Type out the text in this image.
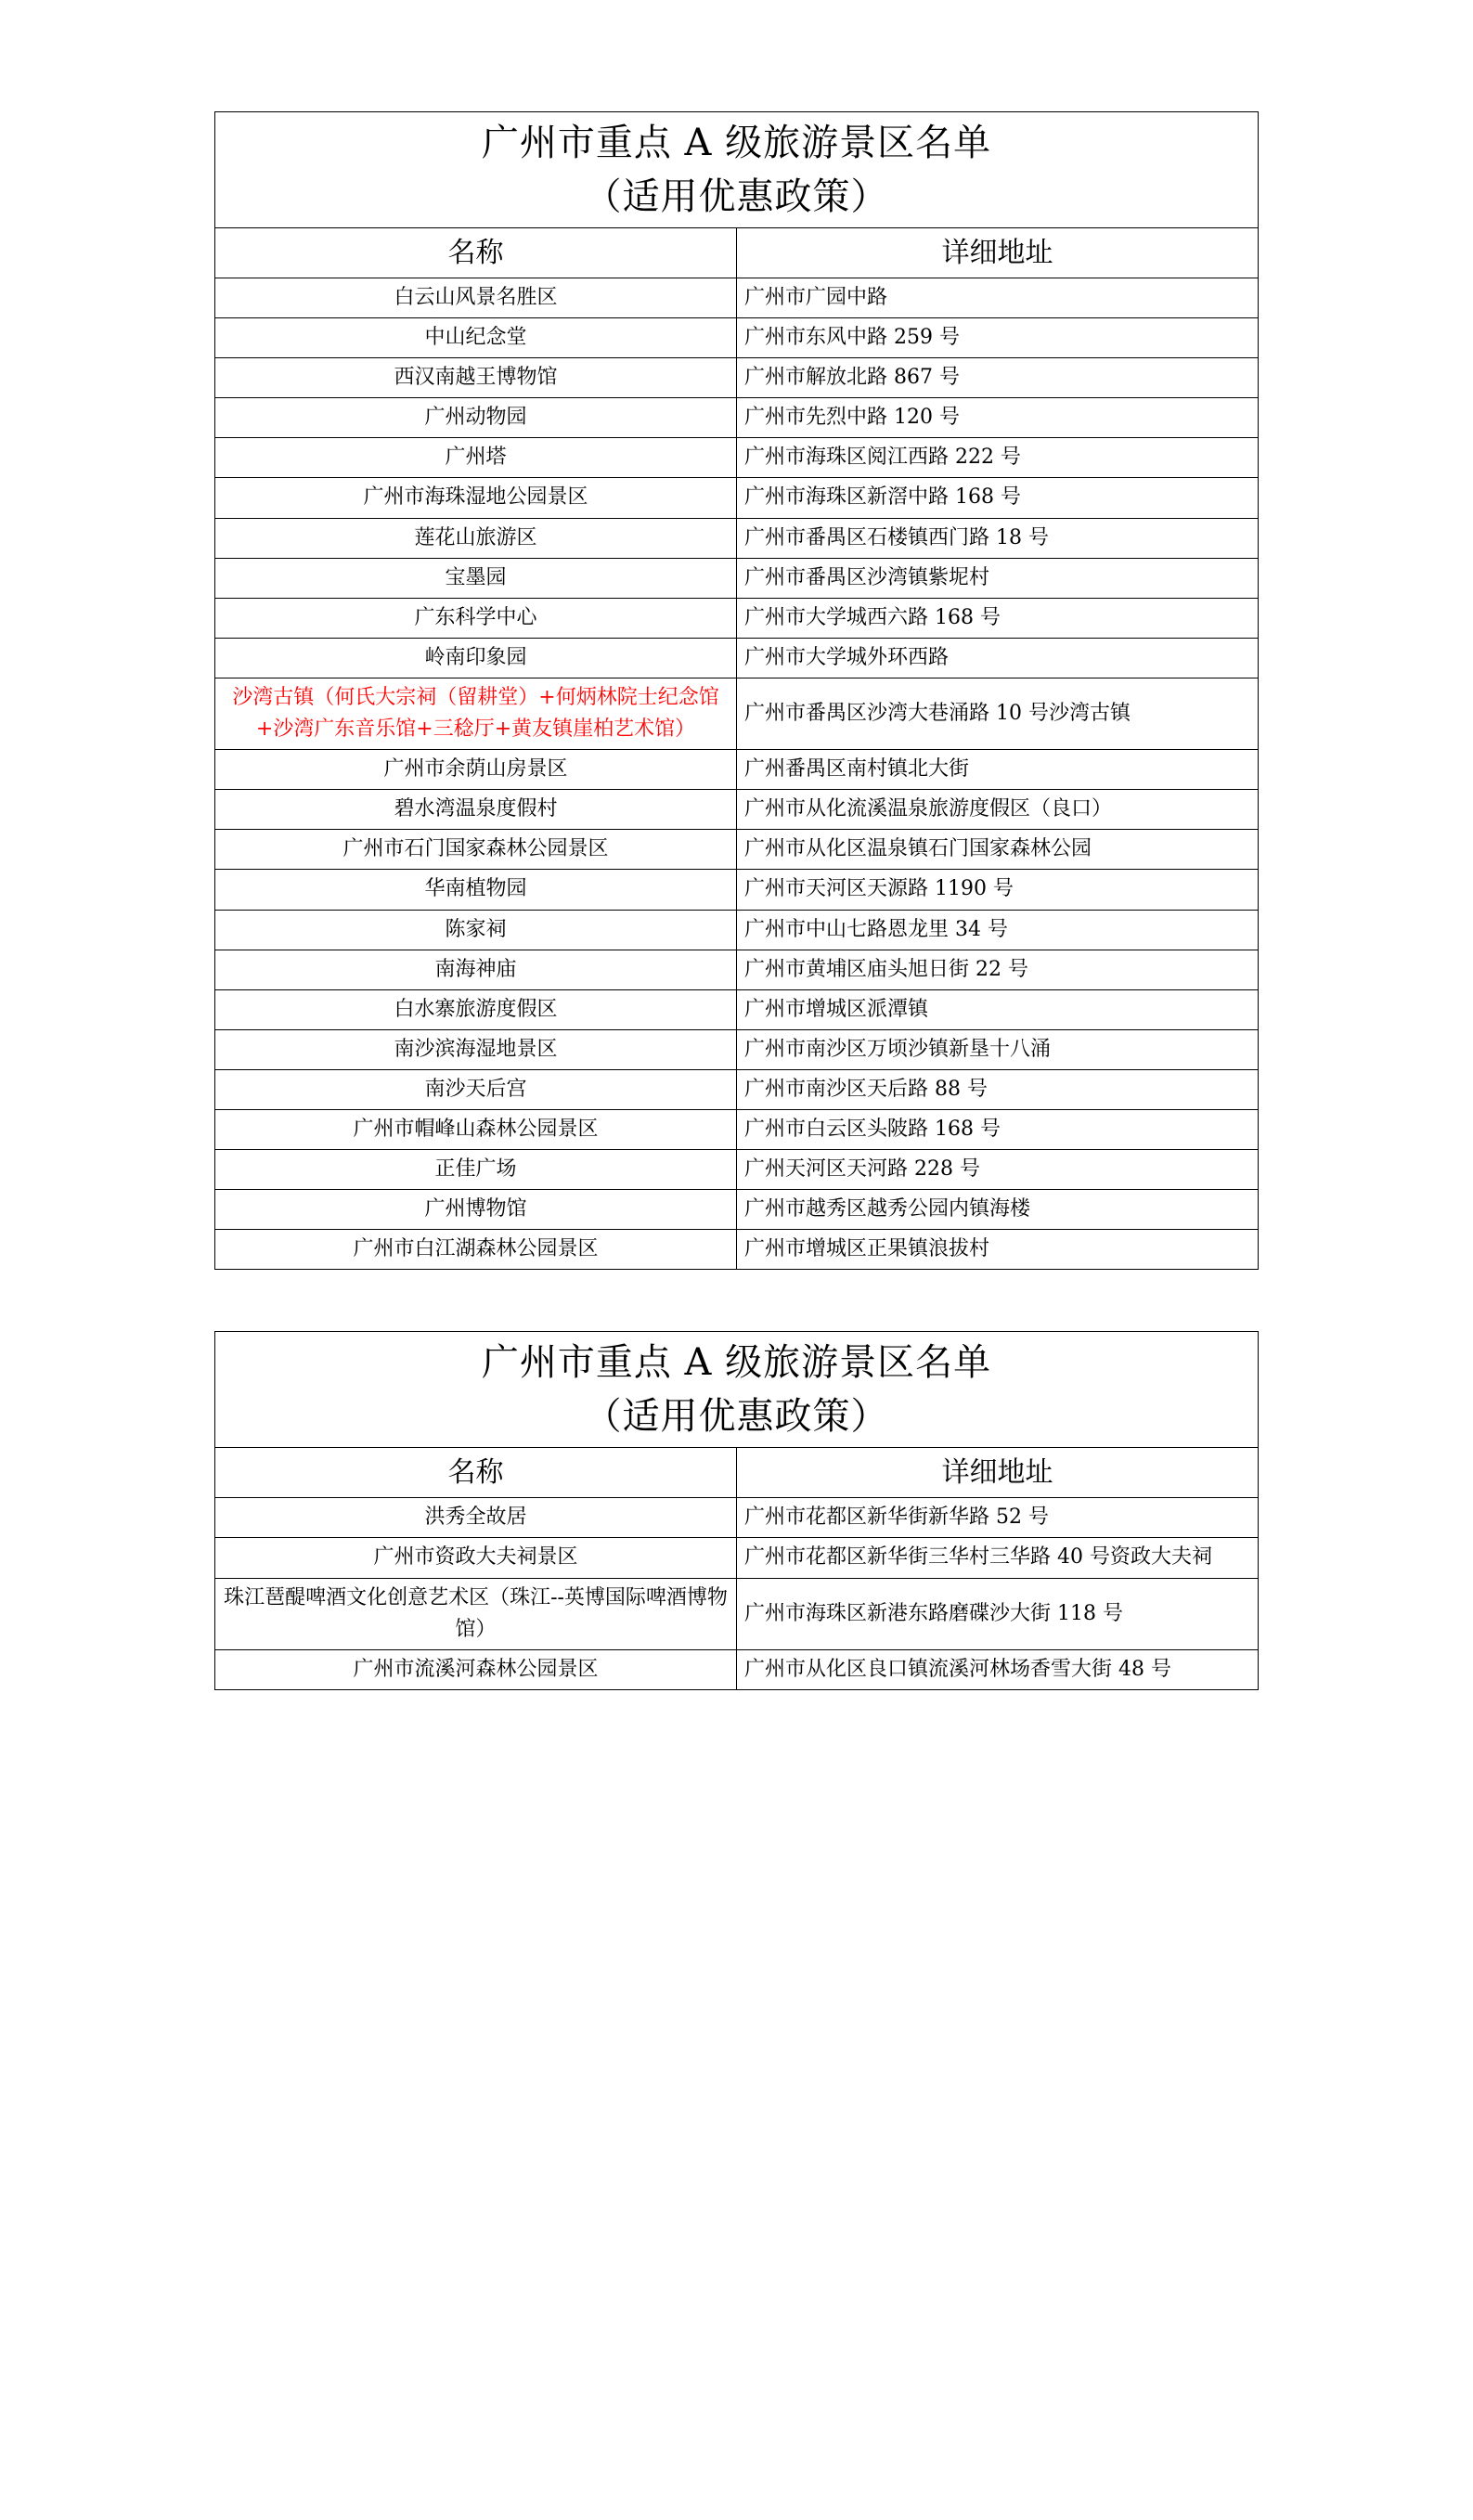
广州市重点 A 级旅游景区名单
（适用优惠政策）	

名称	详细地址
白云山风景名胜区	广州市广园中路
中山纪念堂	广州市东风中路 259 号
西汉南越王博物馆	广州市解放北路 867 号
广州动物园	广州市先烈中路 120 号
广州塔	广州市海珠区阅江西路 222 号
广州市海珠湿地公园景区	广州市海珠区新滘中路 168 号
莲花山旅游区	广州市番禺区石楼镇西门路 18 号
宝墨园	广州市番禺区沙湾镇紫坭村
广东科学中心	广州市大学城西六路 168 号
岭南印象园	广州市大学城外环西路
沙湾古镇（何氏大宗祠（留耕堂）+何炳林院士纪念馆+沙湾广东音乐馆+三稔厅+黄友镇崖柏艺术馆）	广州市番禺区沙湾大巷涌路 10 号沙湾古镇
广州市余荫山房景区	广州番禺区南村镇北大街
碧水湾温泉度假村	广州市从化流溪温泉旅游度假区（良口）
广州市石门国家森林公园景区	广州市从化区温泉镇石门国家森林公园
华南植物园	广州市天河区天源路 1190 号
陈家祠	广州市中山七路恩龙里 34 号
南海神庙	广州市黄埔区庙头旭日街 22 号
白水寨旅游度假区	广州市增城区派潭镇
南沙滨海湿地景区	广州市南沙区万顷沙镇新垦十八涌
南沙天后宫	广州市南沙区天后路 88 号
广州市帽峰山森林公园景区	广州市白云区头陂路 168 号
正佳广场	广州天河区天河路 228 号
广州博物馆	广州市越秀区越秀公园内镇海楼
广州市白江湖森林公园景区	广州市增城区正果镇浪拔村
广州市重点 A 级旅游景区名单
（适用优惠政策）	

名称	详细地址
洪秀全故居	广州市花都区新华街新华路 52 号
广州市资政大夫祠景区	广州市花都区新华街三华村三华路 40 号资政大夫祠
珠江琶醍啤酒文化创意艺术区（珠江--英博国际啤酒博物馆）	广州市海珠区新港东路磨碟沙大街 118 号
广州市流溪河森林公园景区	广州市从化区良口镇流溪河林场香雪大街 48 号
